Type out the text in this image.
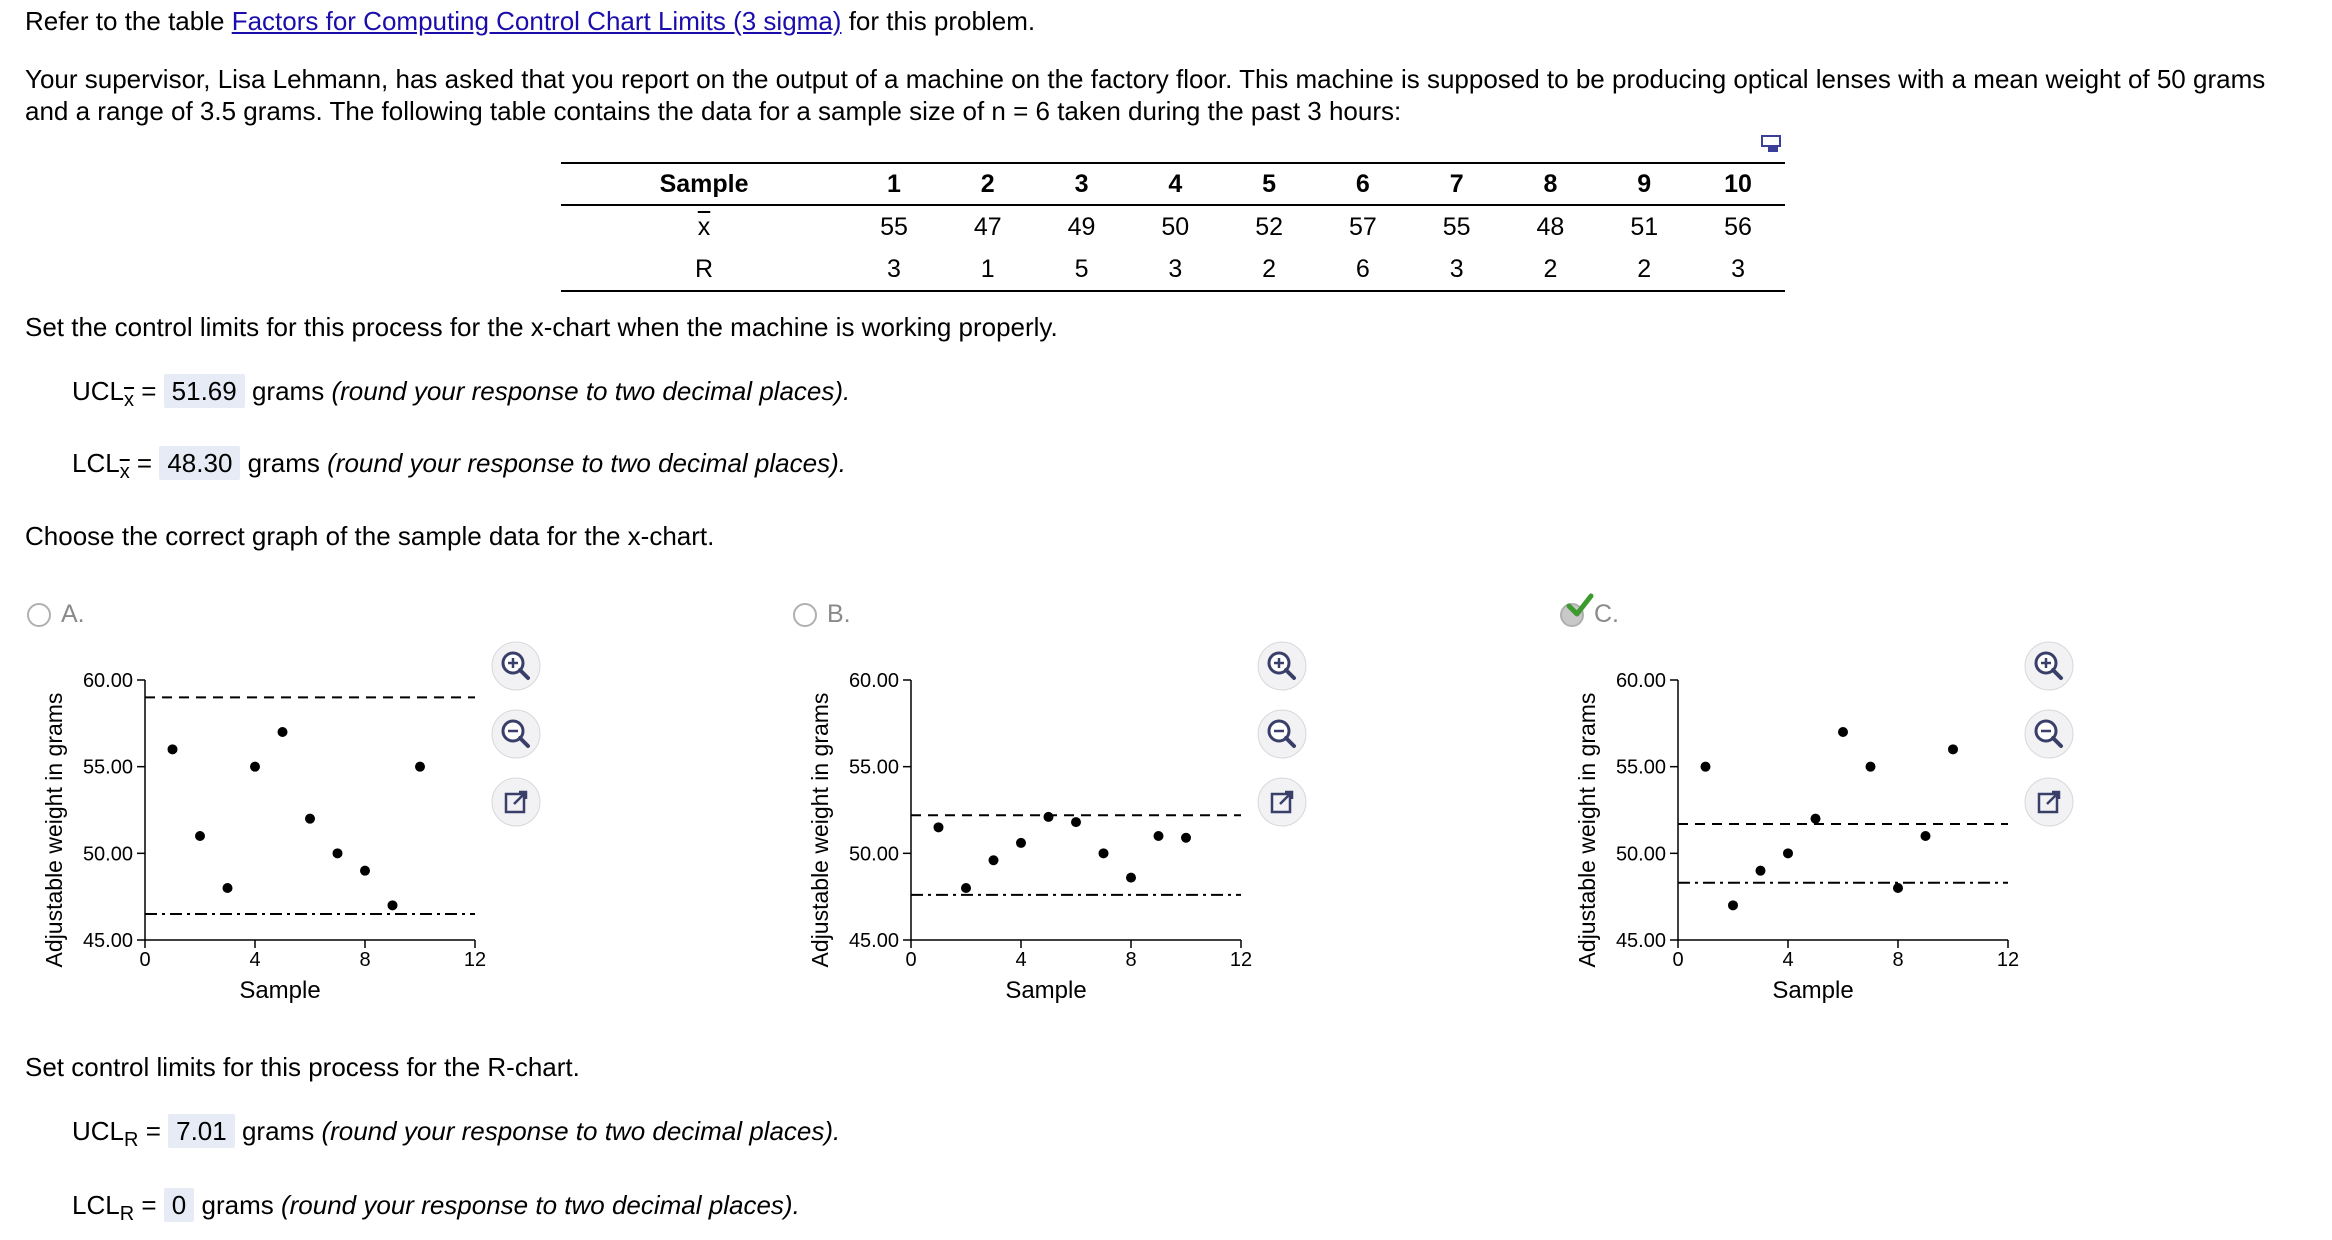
Refer to the table Factors for Computing Control Chart Limits (3 sigma) for this problem.
Your supervisor, Lisa Lehmann, has asked that you report on the output of a machine on the factory floor. This machine is supposed to be producing optical lenses with a mean weight of 50 grams
and a range of 3.5 grams. The following table contains the data for a sample size of n = 6 taken during the past 3 hours:
Sample	1	2	3	4	5	6	7	8	9	10
$\overline{x}$	55	47	49	50	52	57	55	48	51	56
R	3	1	5	3	2	6	3	2	2	3
Set the control limits for this process for the x-chart when the machine is working properly.
$UCL_{\overline{x}} = 51.69$ grams (round your response to two decimal places).
$LCL_{\overline{x}} = 48.30$ grams (round your response to two decimal places).
Choose the correct graph of the sample data for the x-chart.
A.	B.	C.
45.00
50.00
55.00
60.00
0	4	8	12
Sample
Adjustable weight in grams	45.00
50.00
55.00
60.00
0	4	8	12
Sample
Adjustable weight in grams	45.00
50.00
55.00
60.00
0	4	8	12
Sample
Adjustable weight in grams
Set control limits for this process for the R-chart.
$UCL_R = 7.01$ grams (round your response to two decimal places).
$LCL_R = 0$ grams (round your response to two decimal places).
